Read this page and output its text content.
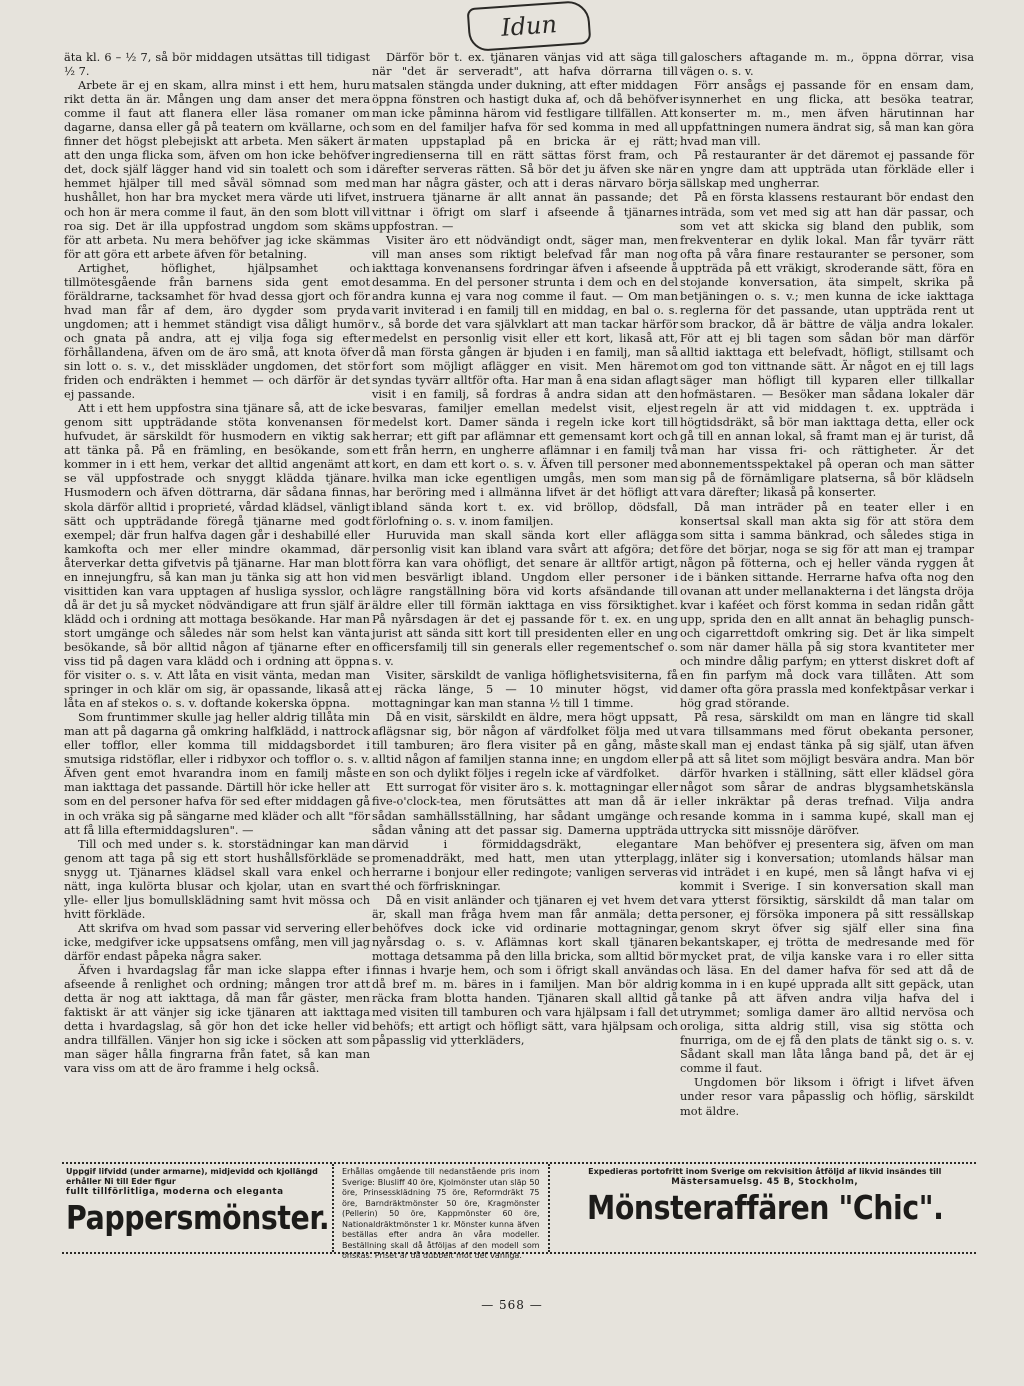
Idun

äta kl. 6 – ½ 7, så bör middagen utsättas till tidigast ½ 7.

Arbete är ej en skam, allra minst i ett hem, huru rikt detta än är. Mången ung dam anser det mera comme il faut att flanera eller läsa romaner om dagarne, dansa eller gå på teatern om kvällarne, och finner det högst plebejiskt att arbeta. Men säkert är att den unga flicka som, äfven om hon icke behöfver det, dock själf lägger hand vid sin toalett och som i hemmet hjälper till med såväl sömnad som med hushållet, hon har bra mycket mera värde uti lifvet, och hon är mera comme il faut, än den som blott vill roa sig. Det är illa uppfostrad ungdom som skäms för att arbeta. Nu mera behöfver jag icke skämmas för att göra ett arbete äfven för betalning.

Artighet, höflighet, hjälpsamhet och tillmötesgående från barnens sida gent emot föräldrarne, tacksamhet för hvad dessa gjort och för hvad man får af dem, äro dygder som pryda ungdomen; att i hemmet ständigt visa dåligt humör och gnata på andra, att ej vilja foga sig efter förhållandena, äfven om de äro små, att knota öfver sin lott o. s. v., det misskläder ungdomen, det stör friden och endräkten i hemmet — och därför är det ej passande.

Att i ett hem uppfostra sina tjänare så, att de icke genom sitt uppträdande stöta konvenansen för hufvudet, är särskildt för husmodern en viktig sak att tänka på. På en främling, en besökande, som kommer in i ett hem, verkar det alltid angenämt att se väl uppfostrade och snyggt klädda tjänare. Husmodern och äfven döttrarna, där sådana finnas, skola därför alltid i proprieté, vårdad klädsel, vänligt sätt och uppträdande föregå tjänarne med godt exempel; där frun halfva dagen går i deshabillé eller kamkofta och mer eller mindre okammad, där återverkar detta gifvetvis på tjänarne. Har man blott en innejungfru, så kan man ju tänka sig att hon vid visittiden kan vara upptagen af husliga sysslor, och då är det ju så mycket nödvändigare att frun själf är klädd och i ordning att mottaga besökande. Har man stort umgänge och således när som helst kan vänta besökande, så bör alltid någon af tjänarne efter en viss tid på dagen vara klädd och i ordning att öppna för visiter o. s. v. Att låta en visit vänta, medan man springer in och klär om sig, är opassande, likaså att låta en af stekos o. s. v. doftande kokerska öppna.

Som fruntimmer skulle jag heller aldrig tillåta min man att på dagarna gå omkring halfklädd, i nattrock eller tofflor, eller komma till middagsbordet i smutsiga ridstöflar, eller i ridbyxor och tofflor o. s. v. Äfven gent emot hvarandra inom en familj måste man iakttaga det passande. Därtill hör icke heller att som en del personer hafva för sed efter middagen gå in och vräka sig på sängarne med kläder och allt "för att få lilla eftermiddagsluren". —

Till och med under s. k. storstädningar kan man genom att taga på sig ett stort hushållsförkläde se snygg ut. Tjänarnes klädsel skall vara enkel och nätt, inga kulörta blusar och kjolar, utan en svart ylle- eller ljus bomullsklädning samt hvit mössa och hvitt förkläde.

Att skrifva om hvad som passar vid servering eller icke, medgifver icke uppsatsens omfång, men vill jag därför endast påpeka några saker.

Äfven i hvardagslag får man icke slappa efter i afseende å renlighet och ordning; mången tror att detta är nog att iakttaga, då man får gäster, men faktiskt är att vänjer sig icke tjänaren att iakttaga detta i hvardagslag, så gör hon det icke heller vid andra tillfällen. Vänjer hon sig icke i söcken att som man säger hålla fingrarna från fatet, så kan man vara viss om att de äro framme i helg också.

Därför bör t. ex. tjänaren vänjas vid att säga till när "det är serveradt", att hafva dörrarna till matsalen stängda under dukning, att efter middagen öppna fönstren och hastigt duka af, och då behöfver man icke påminna härom vid festligare tillfällen. Att som en del familjer hafva för sed komma in med all maten uppstaplad på en bricka är ej rätt; ingredienserna till en rätt sättas först fram, och därefter serveras rätten. Så bör det ju äfven ske när man har några gäster, och att i deras närvaro börja instruera tjänarne är allt annat än passande; det vittnar i öfrigt om slarf i afseende å tjänarnes uppfostran. —

Visiter äro ett nödvändigt ondt, säger man, men vill man anses som riktigt belefvad får man nog iakttaga konvenansens fordringar äfven i afseende å desamma. En del personer strunta i dem och en del andra kunna ej vara nog comme il faut. — Om man varit inviterad i en familj till en middag, en bal o. s. v., så borde det vara självklart att man tackar härför medelst en personlig visit eller ett kort, likaså att, då man första gången är bjuden i en familj, man så fort som möjligt aflägger en visit. Men häremot syndas tyvärr alltför ofta. Har man å ena sidan aflagt visit i en familj, så fordras å andra sidan att den besvaras, familjer emellan medelst visit, eljest medelst kort. Damer sända i regeln icke kort till herrar; ett gift par aflämnar ett gemensamt kort och ett från herrn, en ungherre aflämnar i en familj två kort, en dam ett kort o. s. v. Äfven till personer med hvilka man icke egentligen umgås, men som man har beröring med i allmänna lifvet är det höfligt att ibland sända kort t. ex. vid bröllop, dödsfall, förlofning o. s. v. inom familjen.

Huruvida man skall sända kort eller aflägga personlig visit kan ibland vara svårt att afgöra; det förra kan vara ohöfligt, det senare är alltför artigt, men besvärligt ibland. Ungdom eller personer i lägre rangställning böra vid korts afsändande till äldre eller till förmän iakttaga en viss försiktighet. På nyårsdagen är det ej passande för t. ex. en ung jurist att sända sitt kort till presidenten eller en ung officersfamilj till sin generals eller regementschef o. s. v.

Visiter, särskildt de vanliga höflighetsvisiterna, få ej räcka länge, 5 — 10 minuter högst, vid mottagningar kan man stanna ½ till 1 timme.

Då en visit, särskildt en äldre, mera högt uppsatt, aflägsnar sig, bör någon af värdfolket följa med ut till tamburen; äro flera visiter på en gång, måste alltid någon af familjen stanna inne; en ungdom eller en son och dylikt följes i regeln icke af värdfolket.

Ett surrogat för visiter äro s. k. mottagningar eller five-o'clock-tea, men förutsättes att man då är i sådan samhällsställning, har sådant umgänge och sådan våning att det passar sig. Damerna uppträda därvid i förmiddagsdräkt, elegantare promenaddräkt, med hatt, men utan ytterplagg, herrarne i bonjour eller redingote; vanligen serveras thé och förfriskningar.

Då en visit anländer och tjänaren ej vet hvem det är, skall man fråga hvem man får anmäla; detta behöfves dock icke vid ordinarie mottagningar, nyårsdag o. s. v. Aflämnas kort skall tjänaren mottaga detsamma på den lilla bricka, som alltid bör finnas i hvarje hem, och som i öfrigt skall användas då bref m. m. bäres in i familjen. Man bör aldrig räcka fram blotta handen. Tjänaren skall alltid gå med visiten till tamburen och vara hjälpsam i fall det behöfs; ett artigt och höfligt sätt, vara hjälpsam och påpasslig vid ytterkläders,

galoschers aftagande m. m., öppna dörrar, visa vägen o. s. v.

Förr ansågs ej passande för en ensam dam, isynnerhet en ung flicka, att besöka teatrar, konserter m. m., men äfven härutinnan har uppfattningen numera ändrat sig, så man kan göra hvad man vill.

På restauranter är det däremot ej passande för en yngre dam att uppträda utan förkläde eller i sällskap med ungherrar.

På en första klassens restaurant bör endast den inträda, som vet med sig att han där passar, och som vet att skicka sig bland den publik, som frekventerar en dylik lokal. Man får tyvärr rätt ofta på våra finare restauranter se personer, som uppträda på ett vräkigt, skroderande sätt, föra en stojande konversation, äta simpelt, skrika på betjäningen o. s. v.; men kunna de icke iakttaga reglerna för det passande, utan uppträda rent ut som brackor, då är bättre de välja andra lokaler. För att ej bli tagen som sådan bör man därför alltid iakttaga ett belefvadt, höfligt, stillsamt och om god ton vittnande sätt. Är något en ej till lags säger man höfligt till kyparen eller tillkallar hofmästaren. — Besöker man sådana lokaler där regeln är att vid middagen t. ex. uppträda i högtidsdräkt, så bör man iakttaga detta, eller ock gå till en annan lokal, så framt man ej är turist, då man har vissa fri- och rättigheter. Är det abonnementsspektakel på operan och man sätter sig på de förnämligare platserna, så bör klädseln vara därefter; likaså på konserter.

Då man inträder på en teater eller i en konsertsal skall man akta sig för att störa dem som sitta i samma bänkrad, och således stiga in före det börjar, noga se sig för att man ej trampar någon på fötterna, och ej heller vända ryggen åt de i bänken sittande. Herrarne hafva ofta nog den ovanan att under mellanakterna i det längsta dröja kvar i kaféet och först komma in sedan ridån gått upp, sprida den en allt annat än behaglig punsch- och cigarrettdoft omkring sig. Det är lika simpelt som när damer hälla på sig stora kvantiteter mer och mindre dålig parfym; en ytterst diskret doft af en fin parfym må dock vara tillåten. Att som damer ofta göra prassla med konfektpåsar verkar i hög grad störande.

På resa, särskildt om man en längre tid skall vara tillsammans med förut obekanta personer, skall man ej endast tänka på sig själf, utan äfven på att så litet som möjligt besvära andra. Man bör därför hvarken i ställning, sätt eller klädsel göra något som sårar de andras blygsamhetskänsla eller inkräktar på deras trefnad. Vilja andra resande komma in i samma kupé, skall man ej uttrycka sitt missnöje däröfver.

Man behöfver ej presentera sig, äfven om man inläter sig i konversation; utomlands hälsar man vid inträdet i en kupé, men så långt hafva vi ej kommit i Sverige. I sin konversation skall man vara ytterst försiktig, särskildt då man talar om personer, ej försöka imponera på sitt ressällskap genom skryt öfver sig själf eller sina fina bekantskaper, ej trötta de medresande med för mycket prat, de vilja kanske vara i ro eller sitta och läsa. En del damer hafva för sed att då de komma in i en kupé uppradа allt sitt gepäck, utan tanke på att äfven andra vilja hafva del i utrymmet; somliga damer äro alltid nervösa och oroliga, sitta aldrig still, visa sig stötta och fnurriga, om de ej få den plats de tänkt sig o. s. v. Sådant skall man låta långa band på, det är ej comme il faut.

Ungdomen bör liksom i öfrigt i lifvet äfven under resor vara påpasslig och höflig, särskildt mot äldre.

Uppgif lifvidd (under armarne), midjevidd och kjollängd erhåller Ni till Eder figur
fullt tillförlitliga, moderna och eleganta
Pappersmönster.
Erhållas omgående till nedanstående pris inom Sverige: Blusliff 40 öre, Kjolmönster utan släp 50 öre, Prinsessklädning 75 öre, Reformdräkt 75 öre, Barndräktmönster 50 öre, Kragmönster (Pellerin) 50 öre, Kappmönster 60 öre, Nationaldräktmönster 1 kr. Mönster kunna äfven beställas efter andra än våra modeller. Beställning skall då åtföljas af den modell som önskas. Priset är då dubbelt mot det vanliga.
Expedieras portofritt inom Sverige om rekvisition åtföljd af likvid insändes till
Mästersamuelsg. 45 B, Stockholm,
Mönsteraffären "Chic".
— 568 —
